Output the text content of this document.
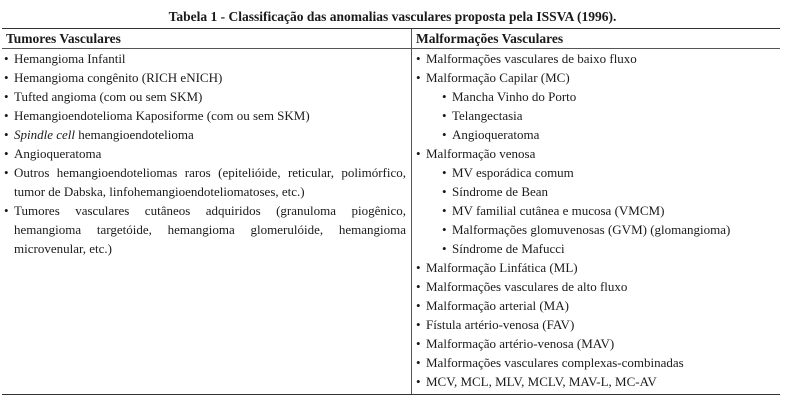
Tabela 1 - Classificação das anomalias vasculares proposta pela ISSVA (1996).
Tumores Vasculares	Malformações Vasculares
• Hemangioma Infantil
• Hemangioma congênito (RICH eNICH)
• Tufted angioma (com ou sem SKM)
• Hemangioendotelioma Kaposiforme (com ou sem SKM)
• Spindle cell hemangioendotelioma
• Angioqueratoma
• Outros hemangioendoteliomas raros (epitelióide, reticular, polimórfico, tumor de Dabska, linfohemangioendoteliomatoses, etc.)
• Tumores vasculares cutâneos adquiridos (granuloma piogênico, hemangioma targetóide, hemangioma glomerulóide, hemangioma microvenular, etc.)
• Malformações vasculares de baixo fluxo
• Malformação Capilar (MC)
• Mancha Vinho do Porto
• Telangectasia
• Angioqueratoma
• Malformação venosa
• MV esporádica comum
• Síndrome de Bean
• MV familial cutânea e mucosa (VMCM)
• Malformações glomuvenosas (GVM) (glomangioma)
• Síndrome de Mafucci
• Malformação Linfática (ML)
• Malformações vasculares de alto fluxo
• Malformação arterial (MA)
• Fístula artério-venosa (FAV)
• Malformação artério-venosa (MAV)
• Malformações vasculares complexas-combinadas
• MCV, MCL, MLV, MCLV, MAV-L, MC-AV
